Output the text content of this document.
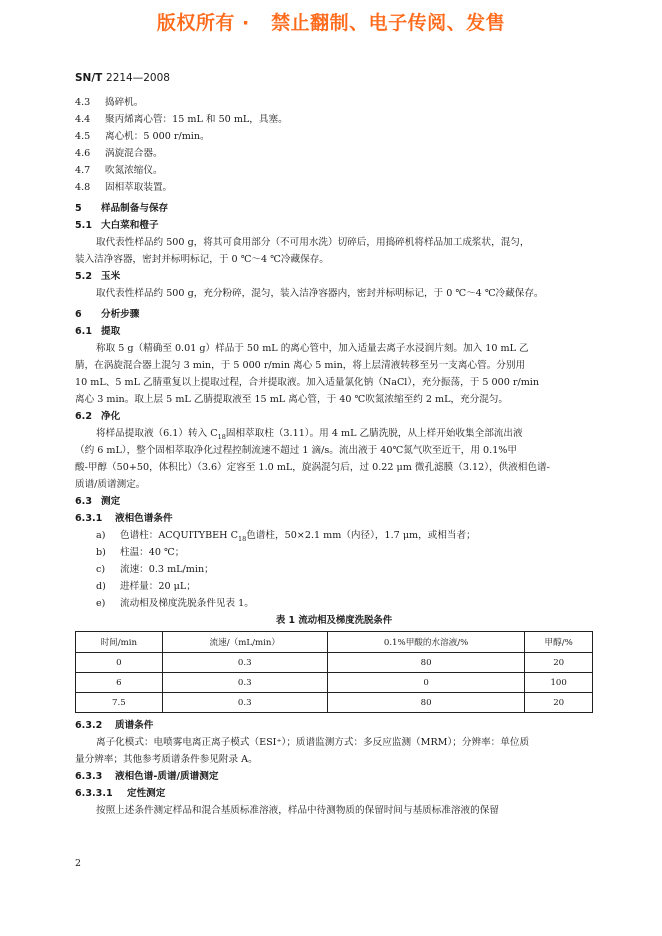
版权所有 ·   禁止翻制、电子传阅、发售
SN/T 2214—2008
4.3 捣碎机。
4.4 聚丙烯离心管：15 mL 和 50 mL，具塞。
4.5 离心机：5 000 r/min。
4.6 涡旋混合器。
4.7 吹氮浓缩仪。
4.8 固相萃取装置。
5 样品制备与保存
5.1 大白菜和橙子
取代表性样品约 500 g，将其可食用部分（不可用水洗）切碎后，用捣碎机将样品加工成浆状，混匀，
装入洁净容器，密封并标明标记，于 0 ℃～4 ℃冷藏保存。
5.2 玉米
取代表性样品约 500 g，充分粉碎，混匀，装入洁净容器内，密封并标明标记，于 0 ℃～4 ℃冷藏保存。
6 分析步骤
6.1 提取
称取 5 g（精确至 0.01 g）样品于 50 mL 的离心管中，加入适量去离子水浸润片刻。加入 10 mL 乙
腈，在涡旋混合器上混匀 3 min，于 5 000 r/min 离心 5 min，将上层清液转移至另一支离心管。分别用
10 mL、5 mL 乙腈重复以上提取过程，合并提取液。加入适量氯化钠（NaCl），充分振荡，于 5 000 r/min
离心 3 min。取上层 5 mL 乙腈提取液至 15 mL 离心管，于 40 ℃吹氮浓缩至约 2 mL，充分混匀。
6.2 净化
将样品提取液（6.1）转入 $C_{18}$固相萃取柱（3.11）。用 4 mL 乙腈洗脱，从上样开始收集全部流出液
（约 6 mL），整个固相萃取净化过程控制流速不超过 1 滴/s。流出液于 40℃氮气吹至近干，用 0.1%甲
酸-甲醇（50+50，体积比）（3.6）定容至 1.0 mL，旋涡混匀后，过 0.22 μm 微孔滤膜（3.12），供液相色谱-
质谱/质谱测定。
6.3 测定
6.3.1 液相色谱条件
a) 色谱柱：ACQUITYBEH $C_{18}$色谱柱，50×2.1 mm（内径），1.7 μm，或相当者；
b) 柱温：40 ℃；
c) 流速：0.3 mL/min；
d) 进样量：20 μL；
e) 流动相及梯度洗脱条件见表 1。
表 1 流动相及梯度洗脱条件
时间/min	流速/（mL/min）	0.1%甲酸的水溶液/%	甲醇/%
0	0.3	80	20
6	0.3	0	100
7.5	0.3	80	20
6.3.2 质谱条件
离子化模式：电喷雾电离正离子模式（ESI⁺）；质谱监测方式：多反应监测（MRM）；分辨率：单位质
量分辨率；其他参考质谱条件参见附录 A。
6.3.3 液相色谱-质谱/质谱测定
6.3.3.1 定性测定
按照上述条件测定样品和混合基质标准溶液，样品中待测物质的保留时间与基质标准溶液的保留
2
